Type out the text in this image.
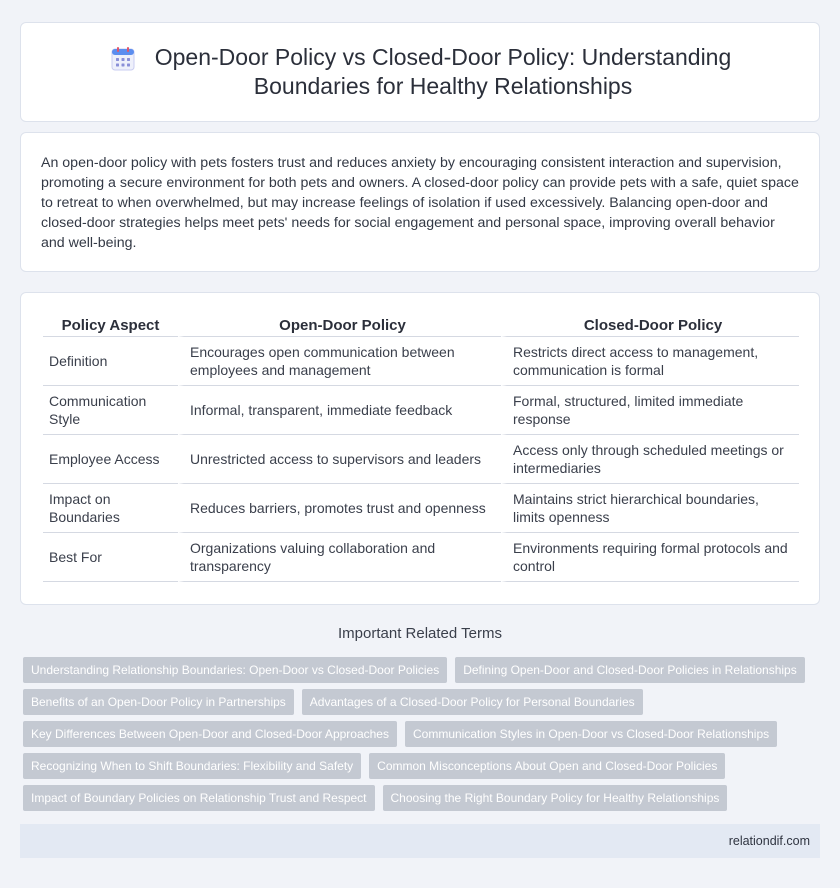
Open-Door Policy vs Closed-Door Policy: Understanding
Boundaries for Healthy Relationships

An open-door policy with pets fosters trust and reduces anxiety by encouraging consistent interaction and supervision, promoting a secure environment for both pets and owners. A closed-door policy can provide pets with a safe, quiet space to retreat to when overwhelmed, but may increase feelings of isolation if used excessively. Balancing open-door and closed-door strategies helps meet pets' needs for social engagement and personal space, improving overall behavior and well-being.

Policy Aspect	Open-Door Policy	Closed-Door Policy
Definition	Encourages open communication between employees and management	Restricts direct access to management, communication is formal
Communication Style	Informal, transparent, immediate feedback	Formal, structured, limited immediate response
Employee Access	Unrestricted access to supervisors and leaders	Access only through scheduled meetings or intermediaries
Impact on Boundaries	Reduces barriers, promotes trust and openness	Maintains strict hierarchical boundaries, limits openness
Best For	Organizations valuing collaboration and transparency	Environments requiring formal protocols and control
Important Related Terms
Understanding Relationship Boundaries: Open-Door vs Closed-Door Policies	Defining Open-Door and Closed-Door Policies in Relationships
Benefits of an Open-Door Policy in Partnerships	Advantages of a Closed-Door Policy for Personal Boundaries
Key Differences Between Open-Door and Closed-Door Approaches	Communication Styles in Open-Door vs Closed-Door Relationships
Recognizing When to Shift Boundaries: Flexibility and Safety	Common Misconceptions About Open and Closed-Door Policies
Impact of Boundary Policies on Relationship Trust and Respect	Choosing the Right Boundary Policy for Healthy Relationships
relationdif.com
